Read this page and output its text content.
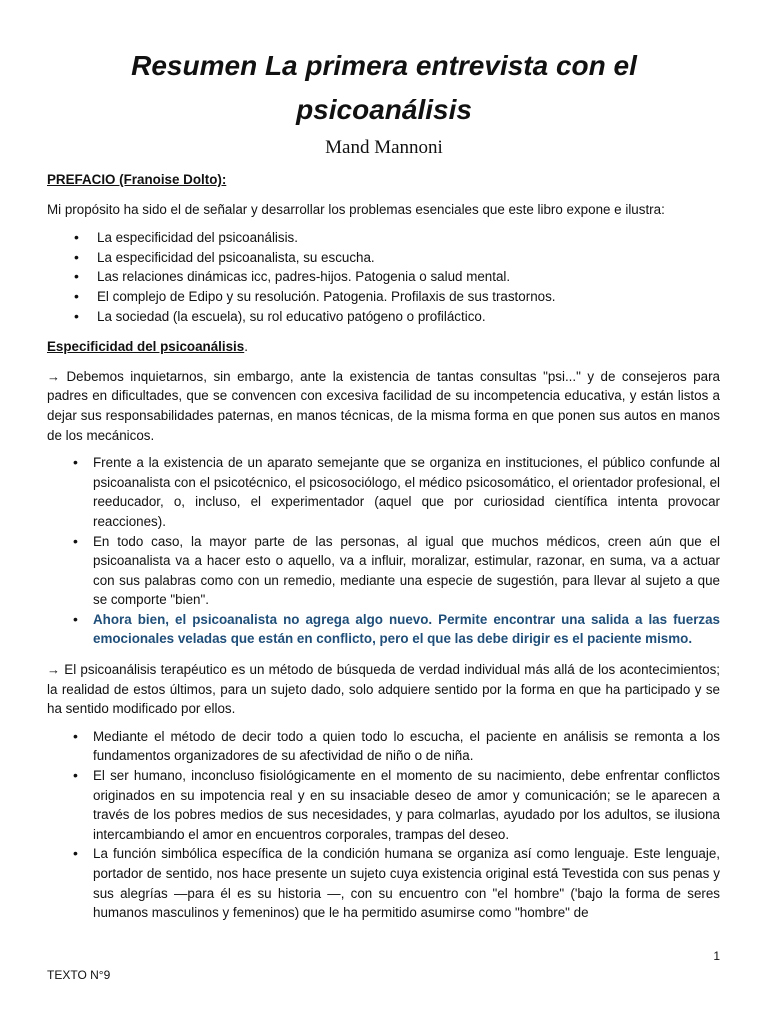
Resumen La primera entrevista con el psicoanálisis

Mand Mannoni

PREFACIO (Franoise Dolto):

Mi propósito ha sido el de señalar y desarrollar los problemas esenciales que este libro expone e ilustra:

• La especificidad del psicoanálisis.
• La especificidad del psicoanalista, su escucha.
• Las relaciones dinámicas icc, padres-hijos. Patogenia o salud mental.
• El complejo de Edipo y su resolución. Patogenia. Profilaxis de sus trastornos.
• La sociedad (la escuela), su rol educativo patógeno o profiláctico.

Especificidad del psicoanálisis.

→ Debemos inquietarnos, sin embargo, ante la existencia de tantas consultas "psi..." y de consejeros para padres en dificultades, que se convencen con excesiva facilidad de su incompetencia educativa, y están listos a dejar sus responsabilidades paternas, en manos técnicas, de la misma forma en que ponen sus autos en manos de los mecánicos.

• Frente a la existencia de un aparato semejante que se organiza en instituciones, el público confunde al psicoanalista con el psicotécnico, el psicosociólogo, el médico psicosomático, el orientador profesional, el reeducador, o, incluso, el experimentador (aquel que por curiosidad científica intenta provocar reacciones).
• En todo caso, la mayor parte de las personas, al igual que muchos médicos, creen aún que el psicoanalista va a hacer esto o aquello, va a influir, moralizar, estimular, razonar, en suma, va a actuar con sus palabras como con un remedio, mediante una especie de sugestión, para llevar al sujeto a que se comporte "bien".
• Ahora bien, el psicoanalista no agrega algo nuevo. Permite encontrar una salida a las fuerzas emocionales veladas que están en conflicto, pero el que las debe dirigir es el paciente mismo.

→ El psicoanálisis terapéutico es un método de búsqueda de verdad individual más allá de los acontecimientos; la realidad de estos últimos, para un sujeto dado, solo adquiere sentido por la forma en que ha participado y se ha sentido modificado por ellos.

• Mediante el método de decir todo a quien todo lo escucha, el paciente en análisis se remonta a los fundamentos organizadores de su afectividad de niño o de niña.
• El ser humano, inconcluso fisiológicamente en el momento de su nacimiento, debe enfrentar conflictos originados en su impotencia real y en su insaciable deseo de amor y comunicación; se le aparecen a través de los pobres medios de sus necesidades, y para colmarlas, ayudado por los adultos, se ilusiona intercambiando el amor en encuentros corporales, trampas del deseo.
• La función simbólica específica de la condición humana se organiza así como lenguaje. Este lenguaje, portador de sentido, nos hace presente un sujeto cuya existencia original está Tevestida con sus penas y sus alegrías —para él es su historia —, con su encuentro con "el hombre" ('bajo la forma de seres humanos masculinos y femeninos) que le ha permitido asumirse como "hombre" de
1
TEXTO N°9
